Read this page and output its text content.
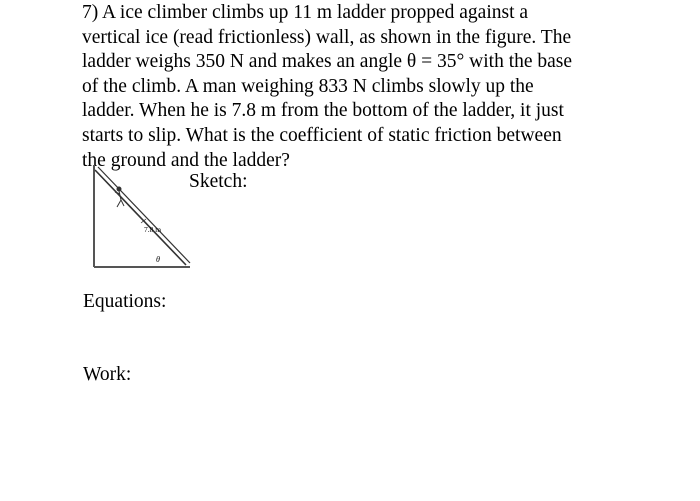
7) A ice climber climbs up 11 m ladder propped against a
vertical ice (read frictionless) wall, as shown in the figure. The
ladder weighs 350 N and makes an angle θ = 35° with the base
of the climb. A man weighing 833 N climbs slowly up the
ladder. When he is 7.8 m from the bottom of the ladder, it just
starts to slip. What is the coefficient of static friction between
the ground and the ladder?
Sketch:
7.8 m
θ
Equations:
Work:
